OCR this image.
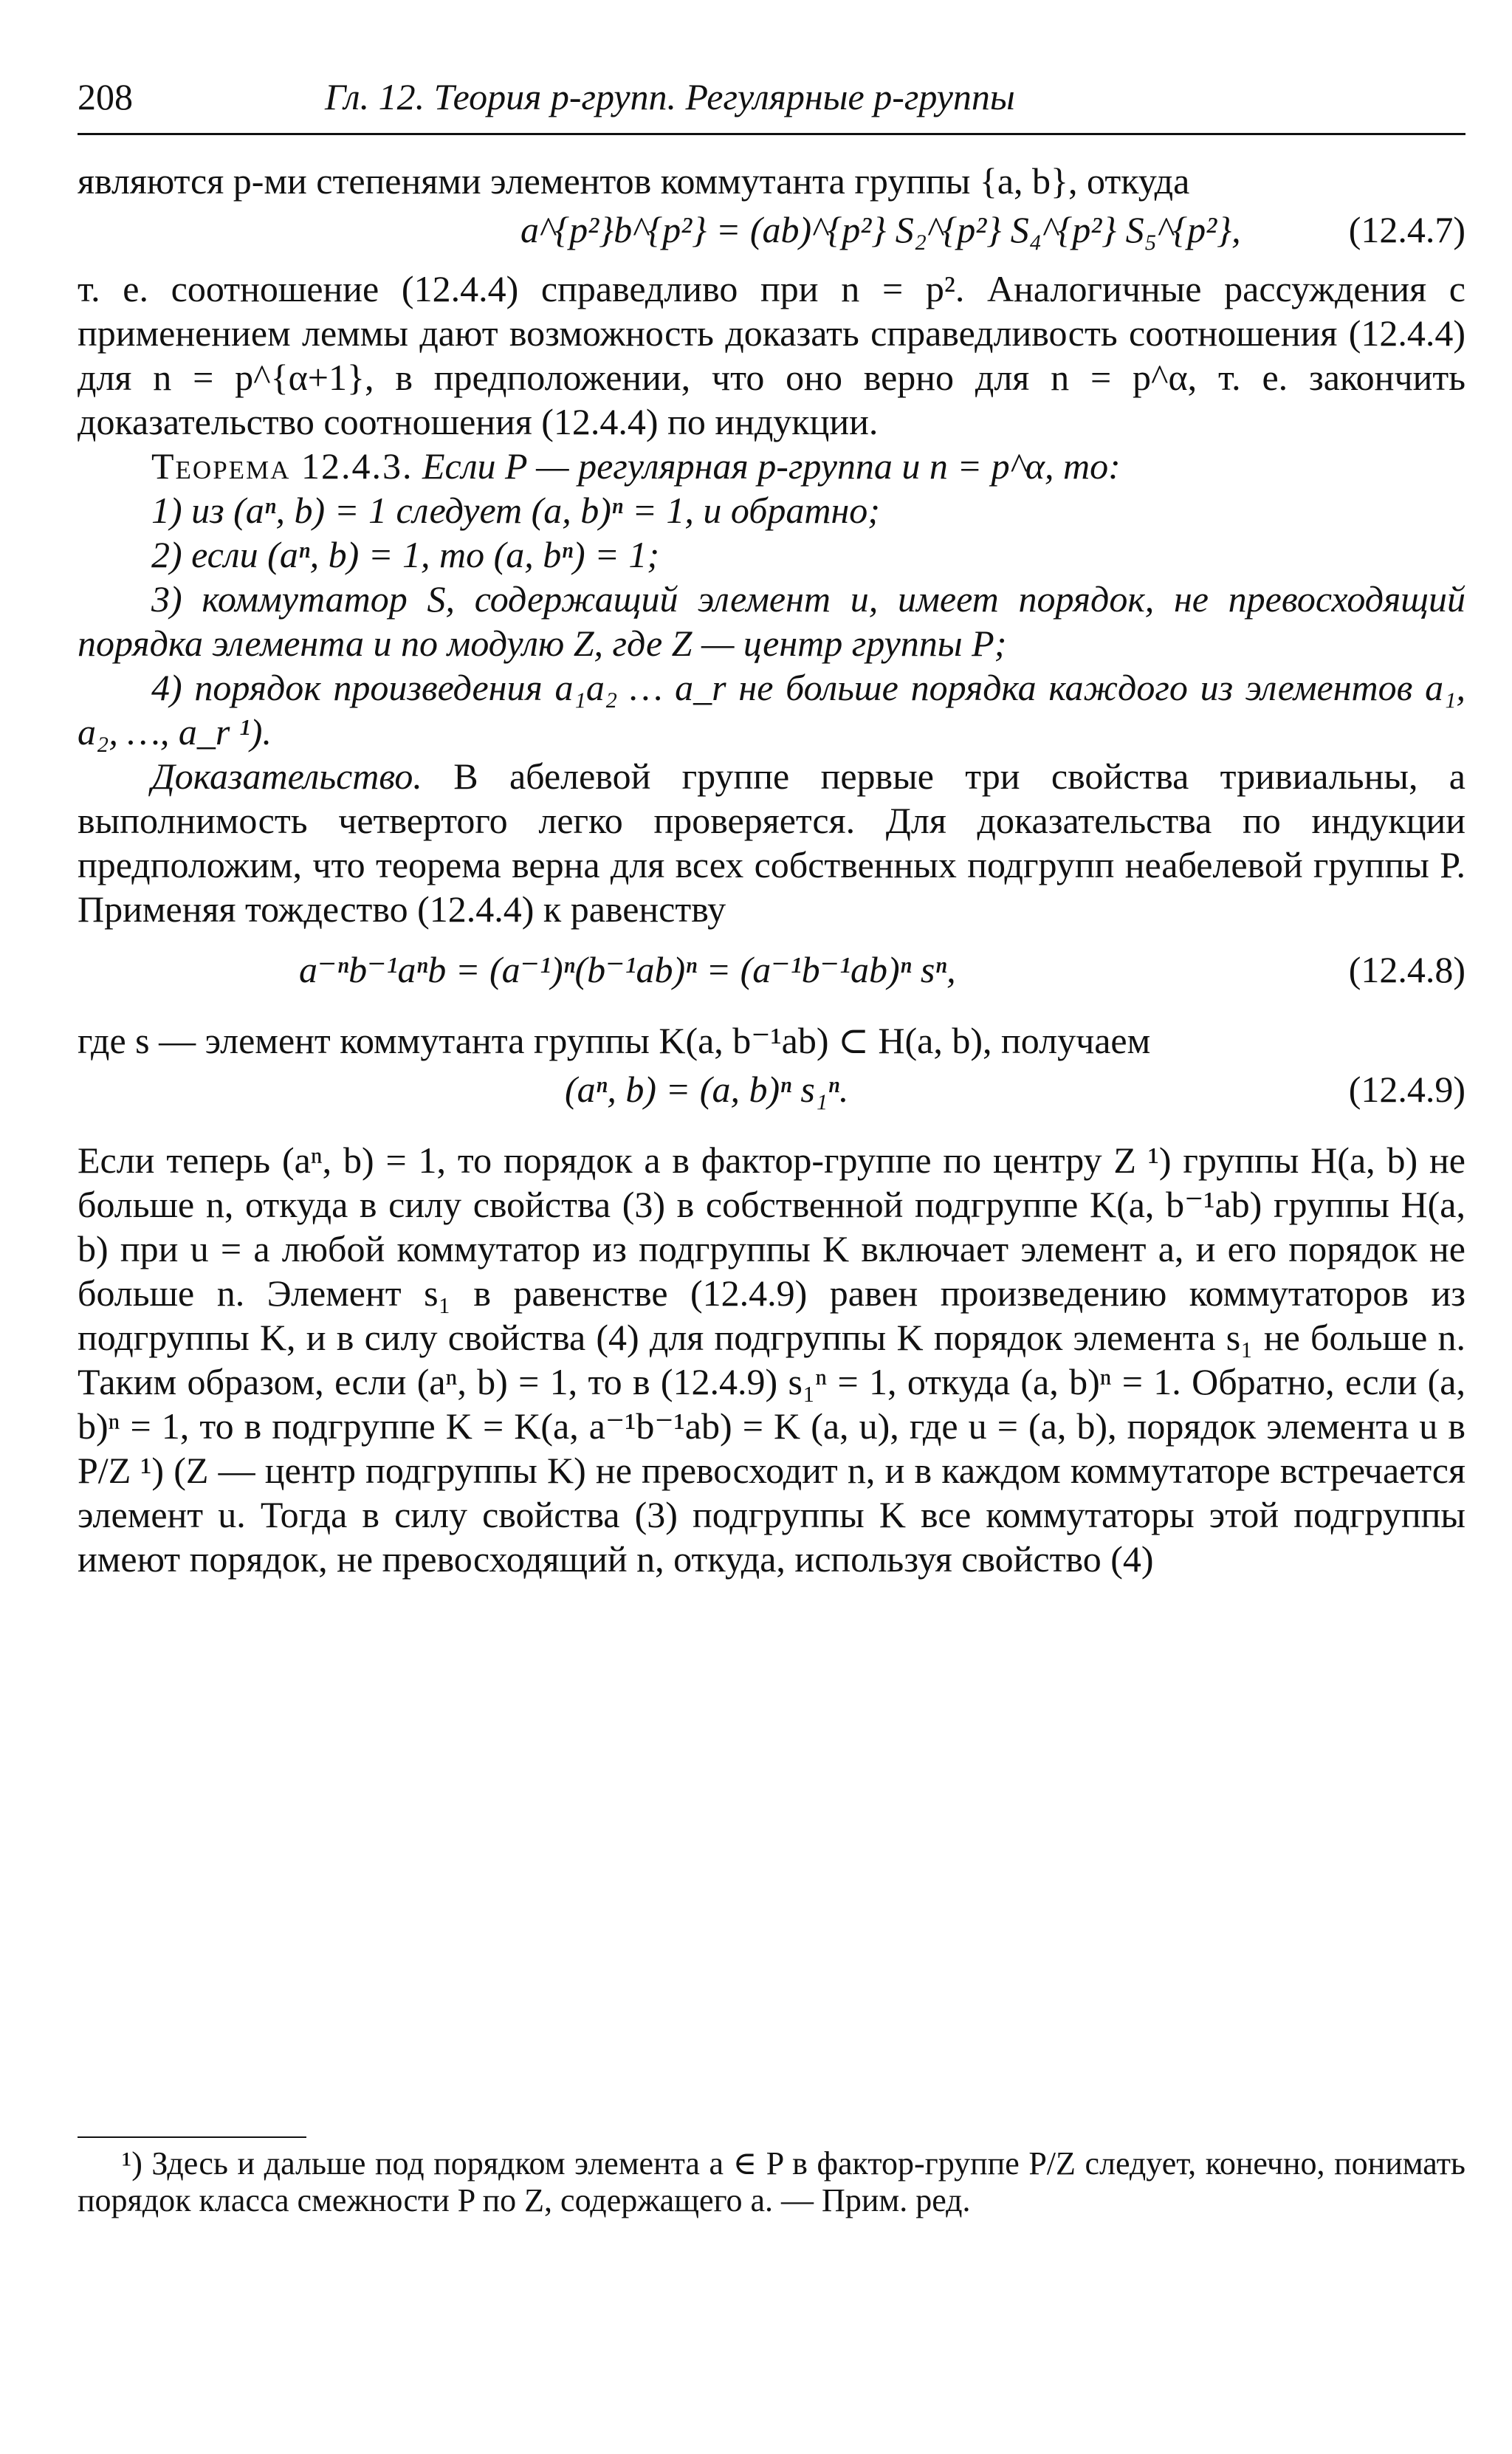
208	Гл. 12. Теория p-групп. Регулярные p-группы

являются p-ми степенями элементов коммутанта группы {a, b}, откуда

a^{p²}b^{p²} = (ab)^{p²} S₂^{p²} S₄^{p²} S₅^{p²},	(12.4.7)

т. е. соотношение (12.4.4) справедливо при n = p². Аналогичные рассуждения с применением леммы дают возможность доказать справедливость соотношения (12.4.4) для n = p^{α+1}, в предположении, что оно верно для n = p^α, т. е. закончить доказательство соотношения (12.4.4) по индукции.

Теорема 12.4.3. Если P — регулярная p-группа и n = p^α, то:

1) из (aⁿ, b) = 1 следует (a, b)ⁿ = 1, и обратно;

2) если (aⁿ, b) = 1, то (a, bⁿ) = 1;

3) коммутатор S, содержащий элемент u, имеет порядок, не превосходящий порядка элемента u по модулю Z, где Z — центр группы P;

4) порядок произведения a₁a₂ … a_r не больше порядка каждого из элементов a₁, a₂, …, a_r ¹).

Доказательство. В абелевой группе первые три свойства тривиальны, а выполнимость четвертого легко проверяется. Для доказательства по индукции предположим, что теорема верна для всех собственных подгрупп неабелевой группы P. Применяя тождество (12.4.4) к равенству

a⁻ⁿb⁻¹aⁿb = (a⁻¹)ⁿ(b⁻¹ab)ⁿ = (a⁻¹b⁻¹ab)ⁿ sⁿ,	(12.4.8)

где s — элемент коммутанта группы K(a, b⁻¹ab) ⊂ H(a, b), получаем

(aⁿ, b) = (a, b)ⁿ s₁ⁿ.	(12.4.9)

Если теперь (aⁿ, b) = 1, то порядок a в фактор-группе по центру Z ¹) группы H(a, b) не больше n, откуда в силу свойства (3) в собственной подгруппе K(a, b⁻¹ab) группы H(a, b) при u = a любой коммутатор из подгруппы K включает элемент a, и его порядок не больше n. Элемент s₁ в равенстве (12.4.9) равен произведению коммутаторов из подгруппы K, и в силу свойства (4) для подгруппы K порядок элемента s₁ не больше n. Таким образом, если (aⁿ, b) = 1, то в (12.4.9) s₁ⁿ = 1, откуда (a, b)ⁿ = 1. Обратно, если (a, b)ⁿ = 1, то в подгруппе K = K(a, a⁻¹b⁻¹ab) = K (a, u), где u = (a, b), порядок элемента u в P/Z ¹) (Z — центр подгруппы K) не превосходит n, и в каждом коммутаторе встречается элемент u. Тогда в силу свойства (3) подгруппы K все коммутаторы этой подгруппы имеют порядок, не превосходящий n, откуда, используя свойство (4)

¹) Здесь и дальше под порядком элемента a ∈ P в фактор-группе P/Z следует, конечно, понимать порядок класса смежности P по Z, содержащего a. — Прим. ред.
